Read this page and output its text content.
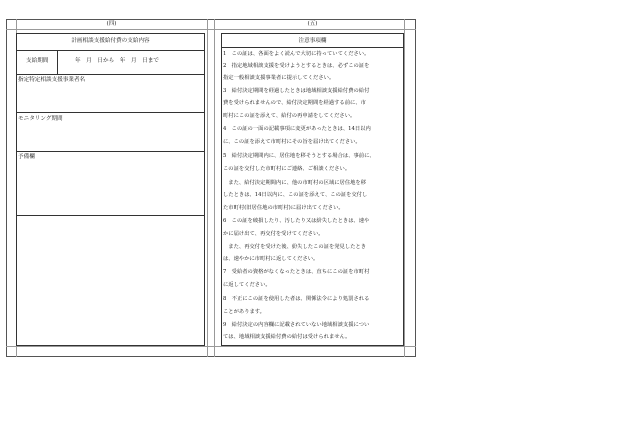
(四)	(五)
計画相談支援給付費の支給内容
支給期間	年　月　日から　年　月　日まで
指定特定相談支援事業者名
モニタリング期間
予備欄
注意事項欄
1　この証は、各面をよく読んで大切に持っていてください。
2　指定地域相談支援を受けようとするときは、必ずこの証を
指定一般相談支援事業者に提示してください。
3　給付決定期間を経過したときは地域相談支援給付費の給付
費を受けられませんので、給付決定期間を経過する前に、市
町村にこの証を添えて、給付の再申請をしてください。
4　この証の一面の記載事項に変更があったときは、14日以内
に、この証を添えて市町村にその旨を届け出てください。
5　給付決定期間内に、居住地を移そうとする場合は、事前に、
この証を交付した市町村にご連絡、ご相談ください。
　また、給付決定期間内に、他の市町村の区域に居住地を移
したときは、14日以内に、この証を添えて、この証を交付し
た市町村(旧居住地の市町村)に届け出てください。
6　この証を破損したり、汚したり又は紛失したときは、速や
かに届け出て、再交付を受けてください。
　また、再交付を受けた後、紛失したこの証を発見したとき
は、速やかに市町村に返してください。
7　受給者の資格がなくなったときは、直ちにこの証を市町村
に返してください。
8　不正にこの証を使用した者は、関係法令により処罰される
ことがあります。
9　給付決定の内容欄に記載されていない地域相談支援につい
ては、地域相談支援給付費の給付は受けられません。
